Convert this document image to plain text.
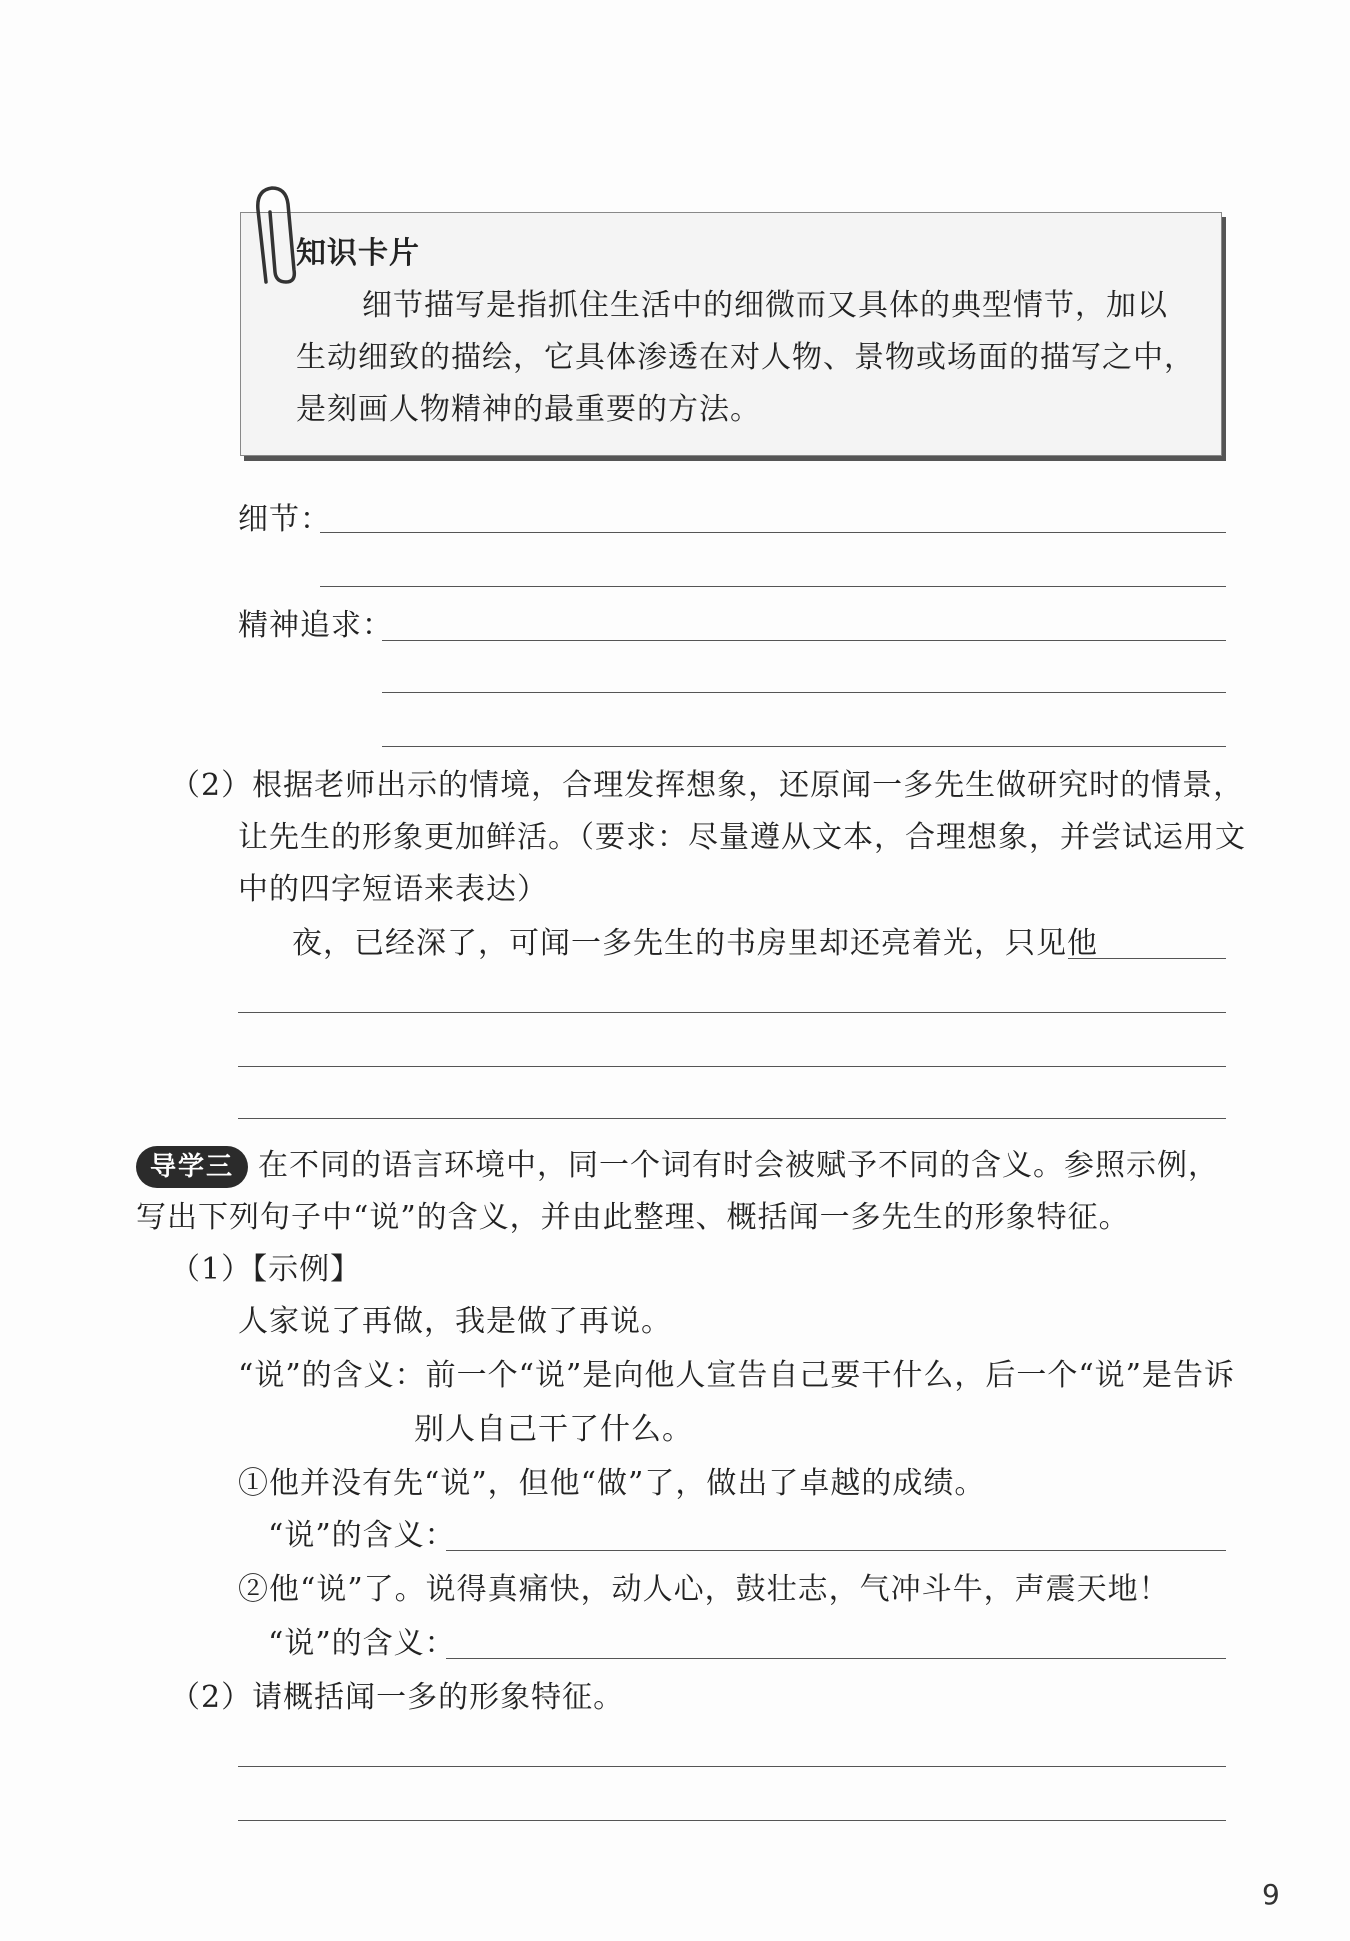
知识卡片
细节描写是指抓住生活中的细微而又具体的典型情节，加以
生动细致的描绘，它具体渗透在对人物、景物或场面的描写之中，
是刻画人物精神的最重要的方法。
细节：
精神追求：
（2）根据老师出示的情境，合理发挥想象，还原闻一多先生做研究时的情景，
让先生的形象更加鲜活。（要求：尽量遵从文本，合理想象，并尝试运用文
中的四字短语来表达）
夜，已经深了，可闻一多先生的书房里却还亮着光，只见他
导学三 在不同的语言环境中，同一个词有时会被赋予不同的含义。参照示例，
写出下列句子中“说”的含义，并由此整理、概括闻一多先生的形象特征。
（1）【示例】
人家说了再做，我是做了再说。
“说”的含义：前一个“说”是向他人宣告自己要干什么，后一个“说”是告诉
别人自己干了什么。
①他并没有先“说”，但他“做”了，做出了卓越的成绩。
“说”的含义：
②他“说”了。说得真痛快，动人心，鼓壮志，气冲斗牛，声震天地！
“说”的含义：
（2）请概括闻一多的形象特征。
9
